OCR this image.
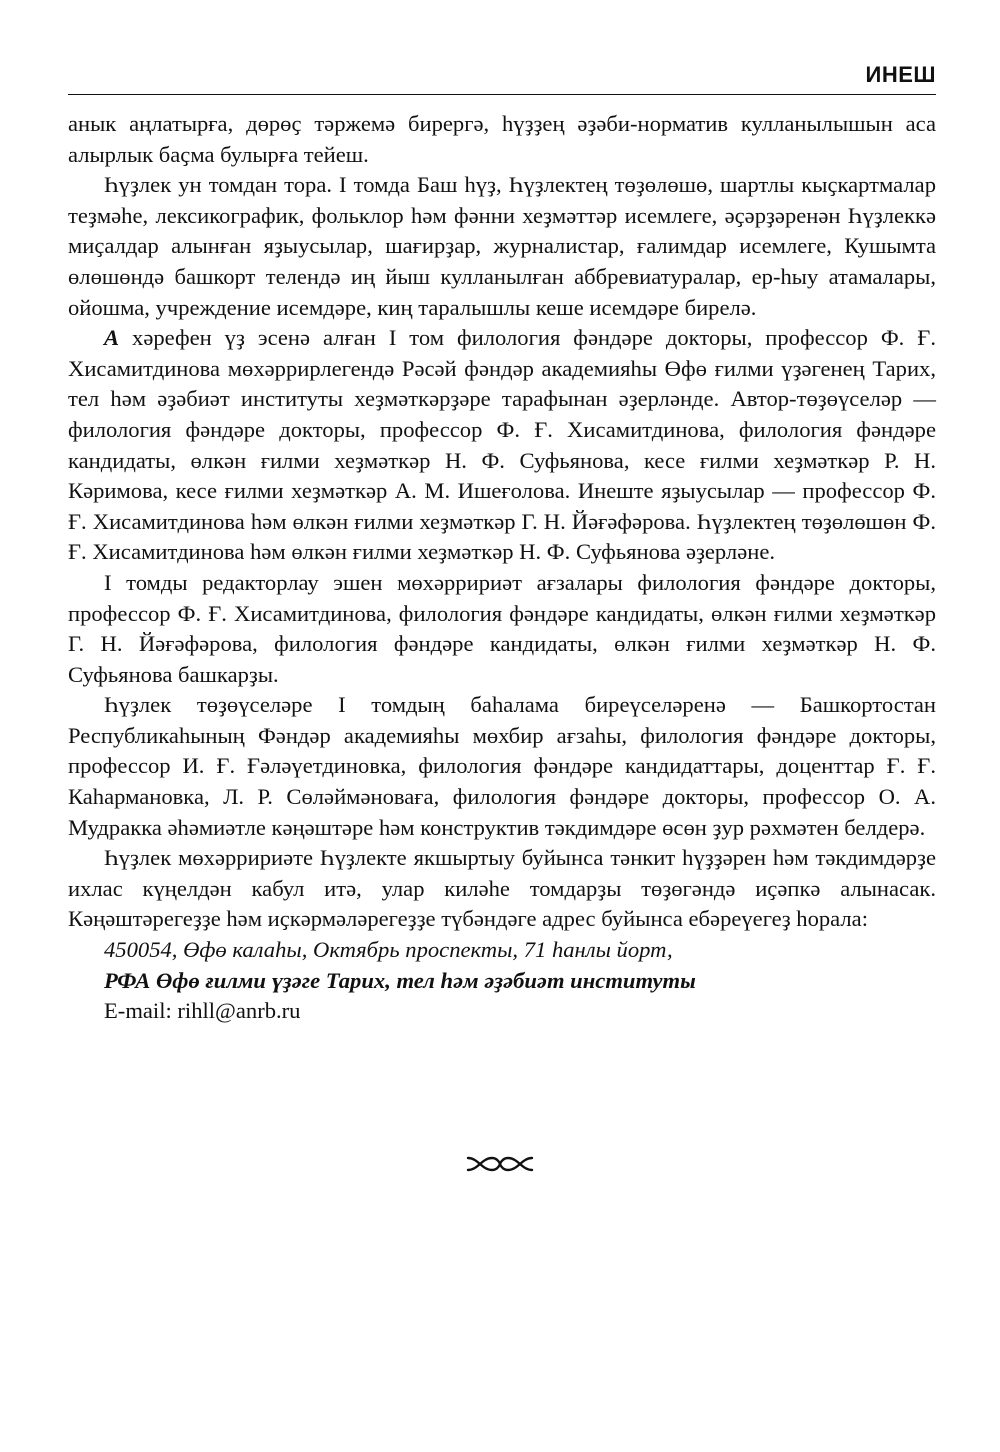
ИНЕШ

анык аңлатырға, дөрөҫ тәржемә бирергә, һүҙҙең әҙәби-норматив кулланылышын аса алырлык баҫма булырға тейеш.

Һүҙлек ун томдан тора. I томда Баш һүҙ, Һүҙлектең төҙөлөшө, шартлы кыҫкартмалар теҙмәһе, лексикографик, фольклор һәм фәнни хеҙмәттәр исемлеге, әҫәрҙәренән Һүҙлеккә миҫалдар алынған яҙыусылар, шағирҙар, журналистар, ғалимдар исемлеге, Кушымта өлөшөндә башкорт телендә иң йыш кулланылған аббревиатуралар, ер-һыу атамалары, ойошма, учреждение исемдәре, киң таралышлы кеше исемдәре бирелә.

А хәрефен үҙ эсенә алған I том филология фәндәре докторы, профессор Ф. Ғ. Хисамитдинова мөхәррирлегендә Рәсәй фәндәр академияһы Өфө ғилми үҙәгенең Тарих, тел һәм әҙәбиәт институты хеҙмәткәрҙәре тарафынан әҙерләнде. Автор-төҙөүселәр — филология фәндәре докторы, профессор Ф. Ғ. Хисамитдинова, филология фәндәре кандидаты, өлкән ғилми хеҙмәткәр Н. Ф. Суфьянова, кесе ғилми хеҙмәткәр Р. Н. Кәримова, кесе ғилми хеҙмәткәр А. М. Ишеғолова. Инеште яҙыусылар — профессор Ф. Ғ. Хисамитдинова һәм өлкән ғилми хеҙмәткәр Г. Н. Йәғәфәрова. Һүҙлектең төҙөлөшөн Ф. Ғ. Хисамитдинова һәм өлкән ғилми хеҙмәткәр Н. Ф. Суфьянова әҙерләне.

I томды редакторлау эшен мөхәрририәт ағзалары филология фәндәре докторы, профессор Ф. Ғ. Хисамитдинова, филология фәндәре кандидаты, өлкән ғилми хеҙмәткәр Г. Н. Йәғәфәрова, филология фәндәре кандидаты, өлкән ғилми хеҙмәткәр Н. Ф. Суфьянова башкарҙы.

Һүҙлек төҙөүселәре I томдың баһалама биреүселәренә — Башкортостан Республикаһының Фәндәр академияһы мөхбир ағзаһы, филология фәндәре докторы, профессор И. Ғ. Ғәләүетдиновка, филология фәндәре кандидаттары, доценттар Ғ. Ғ. Каһармановка, Л. Р. Сөләймәноваға, филология фәндәре докторы, профессор О. А. Мудракка әһәмиәтле кәңәштәре һәм конструктив тәкдимдәре өсөн ҙур рәхмәтен белдерә.

Һүҙлек мөхәрририәте Һүҙлекте якшыртыу буйынса тәнкит һүҙҙәрен һәм тәкдимдәрҙе ихлас күңелдән кабул итә, улар киләһе томдарҙы төҙөгәндә иҫәпкә алынасак. Кәңәштәрегеҙҙе һәм иҫкәрмәләрегеҙҙе түбәндәге адрес буйынса ебәреүегеҙ һорала:

450054, Өфө калаһы, Октябрь проспекты, 71 һанлы йорт,
РФА Өфө ғилми үҙәге Тарих, тел һәм әҙәбиәт институты
E-mail: rihll@anrb.ru
